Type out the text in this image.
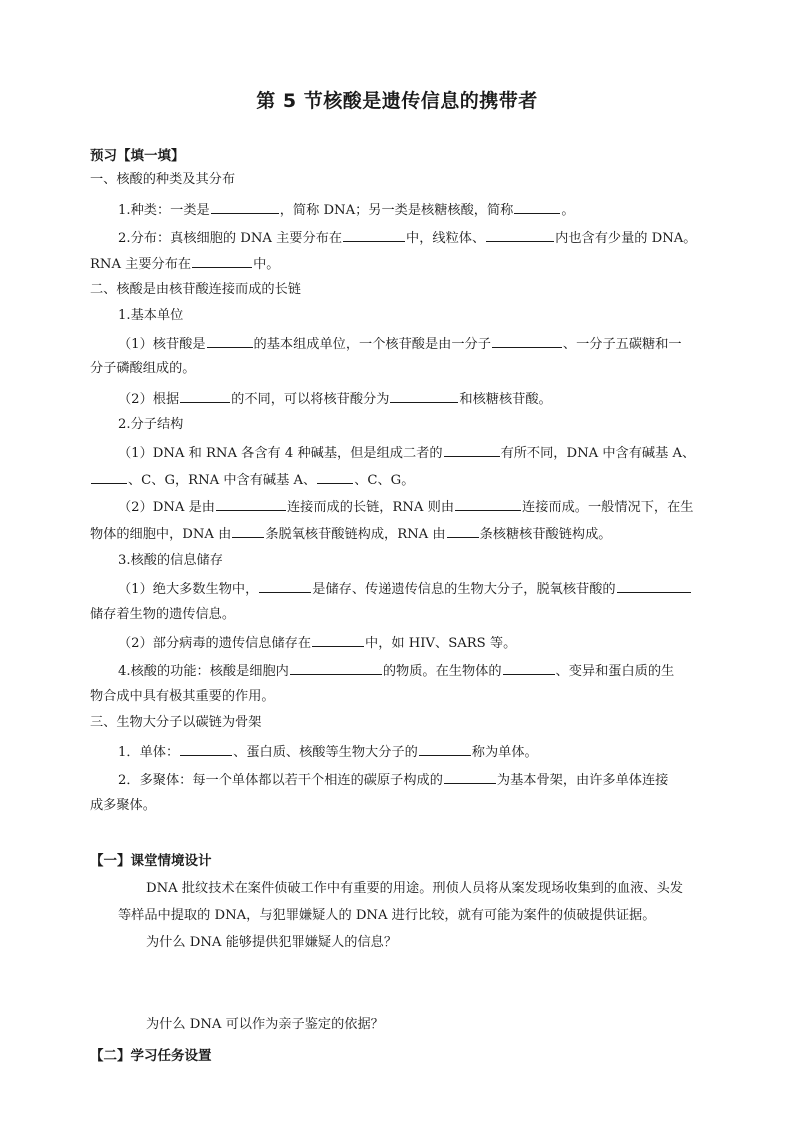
第 5 节核酸是遗传信息的携带者
预习【填一填】
一、核酸的种类及其分布
1.种类：一类是	，简称 DNA；另一类是核糖核酸，简称	。
2.分布：真核细胞的 DNA 主要分布在	中，线粒体、	内也含有少量的 DNA。
RNA 主要分布在	中。
二、核酸是由核苷酸连接而成的长链
1.基本单位
（1）核苷酸是	的基本组成单位，一个核苷酸是由一分子	、一分子五碳糖和一
分子磷酸组成的。
（2）根据	的不同，可以将核苷酸分为	和核糖核苷酸。
2.分子结构
（1）DNA 和 RNA 各含有 4 种碱基，但是组成二者的	有所不同，DNA 中含有碱基 A、
、C、G，RNA 中含有碱基 A、	、C、G。
（2）DNA 是由	连接而成的长链，RNA 则由	连接而成。一般情况下，在生
物体的细胞中，DNA 由	条脱氧核苷酸链构成，RNA 由	条核糖核苷酸链构成。
3.核酸的信息储存
（1）绝大多数生物中，	是储存、传递遗传信息的生物大分子，脱氧核苷酸的
储存着生物的遗传信息。
（2）部分病毒的遗传信息储存在	中，如 HIV、SARS 等。
4.核酸的功能：核酸是细胞内	的物质。在生物体的	、变异和蛋白质的生
物合成中具有极其重要的作用。
三、生物大分子以碳链为骨架
1．单体：	、蛋白质、核酸等生物大分子的	称为单体。
2．多聚体：每一个单体都以若干个相连的碳原子构成的	为基本骨架，由许多单体连接
成多聚体。
【一】课堂情境设计
DNA 批纹技术在案件侦破工作中有重要的用途。刑侦人员将从案发现场收集到的血液、头发
等样品中提取的 DNA，与犯罪嫌疑人的 DNA 进行比较，就有可能为案件的侦破提供证据。
为什么 DNA 能够提供犯罪嫌疑人的信息？
为什么 DNA 可以作为亲子鉴定的依据？
【二】学习任务设置
